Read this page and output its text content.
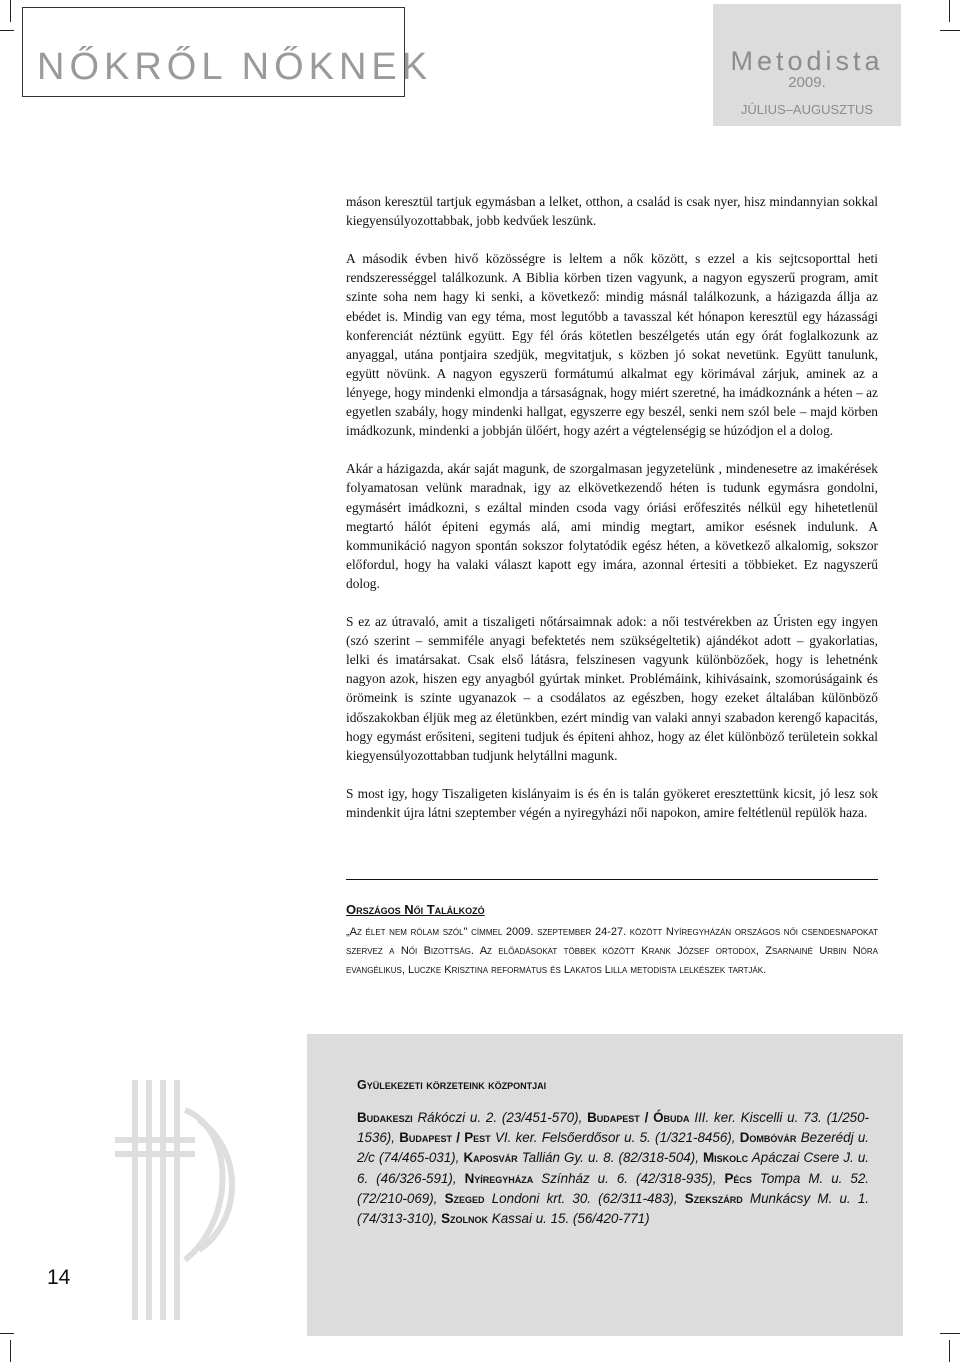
NŐKRŐL NŐKNEK	Metodista
2009.
JÚLIUS–AUGUSZTUS

máson keresztül tartjuk egymásban a lelket, otthon, a család is csak nyer, hisz mindannyian sokkal kiegyensúlyozottabbak, jobb kedvűek leszünk.

A második évben hivő közösségre is leltem a nők között, s ezzel a kis sejtcsoporttal heti rendszerességgel találkozunk. A Biblia körben tizen vagyunk, a nagyon egyszerű program, amit szinte soha nem hagy ki senki, a következő: mindig másnál találkozunk, a házigazda állja az ebédet is. Mindig van egy téma, most legutóbb a tavasszal két hónapon keresztül egy házassági konferenciát néztünk együtt. Egy fél órás kötetlen beszélgetés után egy órát foglalkozunk az anyaggal, utána pontjaira szedjük, megvitatjuk, s közben jó sokat nevetünk. Együtt tanulunk, együtt növünk. A nagyon egyszerü formátumú alkalmat egy körimával zárjuk, aminek az a lényege, hogy mindenki elmondja a társaságnak, hogy miért szeretné, ha imádkoznánk a héten – az egyetlen szabály, hogy mindenki hallgat, egyszerre egy beszél, senki nem szól bele – majd körben imádkozunk, mindenki a jobbján ülőért, hogy azért a végtelenségig se húzódjon el a dolog.

Akár a házigazda, akár saját magunk, de szorgalmasan jegyzetelünk , mindenesetre az imakérések folyamatosan velünk maradnak, igy az elkövetkezendő héten is tudunk egymásra gondolni, egymásért imádkozni, s ezáltal minden csoda vagy óriási erőfeszités nélkül egy hihetetlenül megtartó hálót épiteni egymás alá, ami mindig megtart, amikor esésnek indulunk. A kommunikáció nagyon spontán sokszor folytatódik egész héten, a következő alkalomig, sokszor előfordul, hogy ha valaki választ kapott egy imára, azonnal értesiti a többieket. Ez nagyszerű dolog.

S ez az útravaló, amit a tiszaligeti nőtársaimnak adok: a női testvérekben az Úristen egy ingyen (szó szerint – semmiféle anyagi befektetés nem szükségeltetik) ajándékot adott – gyakorlatias, lelki és imatársakat. Csak első látásra, felszinesen vagyunk különbözőek, hogy is lehetnénk nagyon azok, hiszen egy anyagból gyúrtak minket. Problémáink, kihivásaink, szomorúságaink és örömeink is szinte ugyanazok – a csodálatos az egészben, hogy ezeket általában különböző időszakokban éljük meg az életünkben, ezért mindig van valaki annyi szabadon kerengő kapacitás, hogy egymást erősiteni, segiteni tudjuk és épiteni ahhoz, hogy az élet különböző területein sokkal kiegyensúlyozottabban tudjunk helytállni magunk.

S most igy, hogy Tiszaligeten kislányaim is és én is talán gyökeret eresztettünk kicsit, jó lesz sok mindenkit újra látni szeptember végén a nyiregyházi női napokon, amire feltétlenül repülök haza.

Országos Női Találkozó
„Az élet nem rólam szól" címmel 2009. szeptember 24-27. között Nyíregyházán országos női csendesnapokat szervez a Női Bizottság. Az előadásokat többek között Krank József ortodox, Zsarnainé Urbin Nóra evangélikus, Luczke Krisztina református és Lakatos Lilla metodista lelkészek tartják.
Gyülekezeti körzeteink központjai
Budakeszi Rákóczi u. 2. (23/451-570), Budapest / Óbuda III. ker. Kiscelli u. 73. (1/250-1536), Budapest / Pest VI. ker. Felsőerdősor u. 5. (1/321-8456), Dombóvár Bezerédj u. 2/c (74/465-031), Kaposvár Tallián Gy. u. 8. (82/318-504), Miskolc Apáczai Csere J. u. 6. (46/326-591), Nyíregyháza Színház u. 6. (42/318-935), Pécs Tompa M. u. 52. (72/210-069), Szeged Londoni krt. 30. (62/311-483), Szekszárd Munkácsy M. u. 1. (74/313-310), Szolnok Kassai u. 15. (56/420-771)
14
